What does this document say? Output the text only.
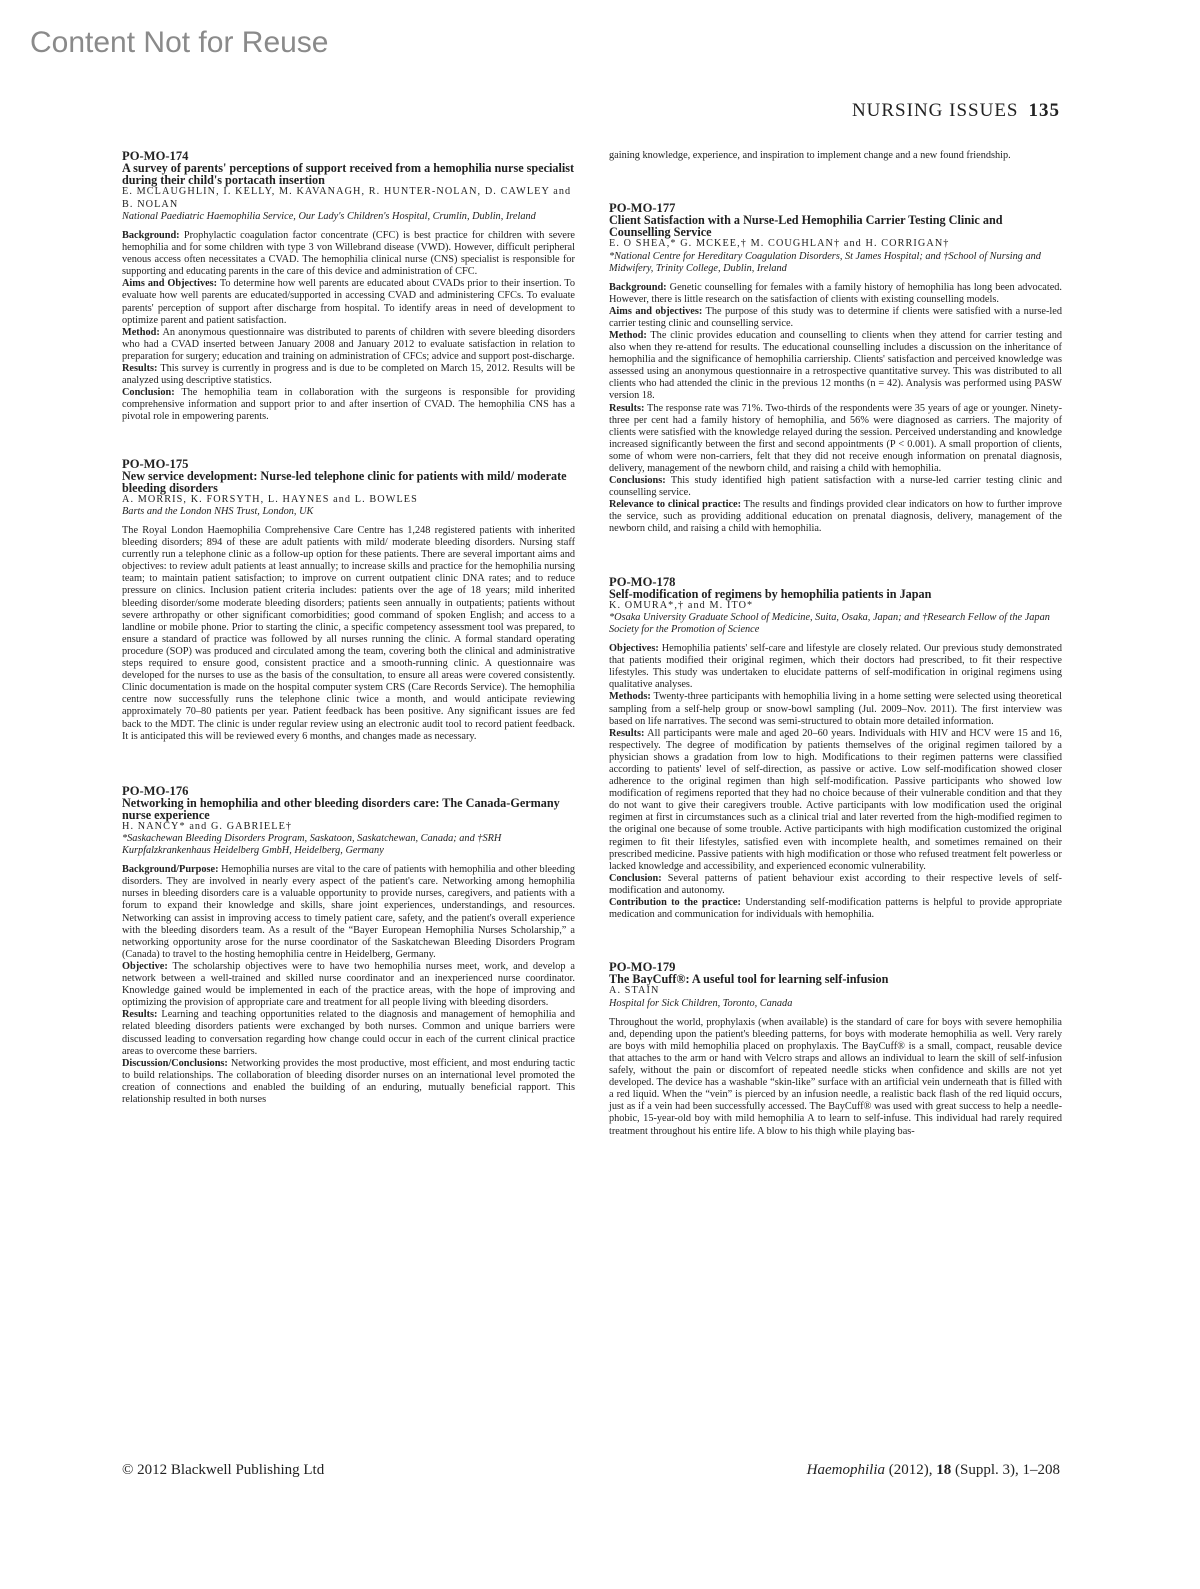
Content Not for Reuse
NURSING ISSUES 135
PO-MO-174
A survey of parents' perceptions of support received from a hemophilia nurse specialist during their child's portacath insertion
E. MCLAUGHLIN, I. KELLY, M. KAVANAGH, R. HUNTER-NOLAN, D. CAWLEY and B. NOLAN
National Paediatric Haemophilia Service, Our Lady's Children's Hospital, Crumlin, Dublin, Ireland
Background: Prophylactic coagulation factor concentrate (CFC) is best practice for children with severe hemophilia and for some children with type 3 von Willebrand disease (VWD). However, difficult peripheral venous access often necessitates a CVAD. The hemophilia clinical nurse (CNS) specialist is responsible for supporting and educating parents in the care of this device and administration of CFC.
Aims and Objectives: To determine how well parents are educated about CVADs prior to their insertion. To evaluate how well parents are educated/supported in accessing CVAD and administering CFCs. To evaluate parents' perception of support after discharge from hospital. To identify areas in need of development to optimize parent and patient satisfaction.
Method: An anonymous questionnaire was distributed to parents of children with severe bleeding disorders who had a CVAD inserted between January 2008 and January 2012 to evaluate satisfaction in relation to preparation for surgery; education and training on administration of CFCs; advice and support post-discharge.
Results: This survey is currently in progress and is due to be completed on March 15, 2012. Results will be analyzed using descriptive statistics.
Conclusion: The hemophilia team in collaboration with the surgeons is responsible for providing comprehensive information and support prior to and after insertion of CVAD. The hemophilia CNS has a pivotal role in empowering parents.
PO-MO-175
New service development: Nurse-led telephone clinic for patients with mild/ moderate bleeding disorders
A. MORRIS, K. FORSYTH, L. HAYNES and L. BOWLES
Barts and the London NHS Trust, London, UK
The Royal London Haemophilia Comprehensive Care Centre has 1,248 registered patients with inherited bleeding disorders; 894 of these are adult patients with mild/ moderate bleeding disorders. Nursing staff currently run a telephone clinic as a follow-up option for these patients. There are several important aims and objectives: to review adult patients at least annually; to increase skills and practice for the hemophilia nursing team; to maintain patient satisfaction; to improve on current outpatient clinic DNA rates; and to reduce pressure on clinics. Inclusion patient criteria includes: patients over the age of 18 years; mild inherited bleeding disorder/some moderate bleeding disorders; patients seen annually in outpatients; patients without severe arthropathy or other significant comorbidities; good command of spoken English; and access to a landline or mobile phone. Prior to starting the clinic, a specific competency assessment tool was prepared, to ensure a standard of practice was followed by all nurses running the clinic. A formal standard operating procedure (SOP) was produced and circulated among the team, covering both the clinical and administrative steps required to ensure good, consistent practice and a smooth-running clinic. A questionnaire was developed for the nurses to use as the basis of the consultation, to ensure all areas were covered consistently. Clinic documentation is made on the hospital computer system CRS (Care Records Service). The hemophilia centre now successfully runs the telephone clinic twice a month, and would anticipate reviewing approximately 70–80 patients per year. Patient feedback has been positive. Any significant issues are fed back to the MDT. The clinic is under regular review using an electronic audit tool to record patient feedback. It is anticipated this will be reviewed every 6 months, and changes made as necessary.
PO-MO-176
Networking in hemophilia and other bleeding disorders care: The Canada-Germany nurse experience
H. NANCY* and G. GABRIELE†
*Saskachewan Bleeding Disorders Program, Saskatoon, Saskatchewan, Canada; and †SRH Kurpfalzkrankenhaus Heidelberg GmbH, Heidelberg, Germany
Background/Purpose: Hemophilia nurses are vital to the care of patients with hemophilia and other bleeding disorders. They are involved in nearly every aspect of the patient's care. Networking among hemophilia nurses in bleeding disorders care is a valuable opportunity to provide nurses, caregivers, and patients with a forum to expand their knowledge and skills, share joint experiences, understandings, and resources. Networking can assist in improving access to timely patient care, safety, and the patient's overall experience with the bleeding disorders team. As a result of the “Bayer European Hemophilia Nurses Scholarship,” a networking opportunity arose for the nurse coordinator of the Saskatchewan Bleeding Disorders Program (Canada) to travel to the hosting hemophilia centre in Heidelberg, Germany.
Objective: The scholarship objectives were to have two hemophilia nurses meet, work, and develop a network between a well-trained and skilled nurse coordinator and an inexperienced nurse coordinator. Knowledge gained would be implemented in each of the practice areas, with the hope of improving and optimizing the provision of appropriate care and treatment for all people living with bleeding disorders.
Results: Learning and teaching opportunities related to the diagnosis and management of hemophilia and related bleeding disorders patients were exchanged by both nurses. Common and unique barriers were discussed leading to conversation regarding how change could occur in each of the current clinical practice areas to overcome these barriers.
Discussion/Conclusions: Networking provides the most productive, most efficient, and most enduring tactic to build relationships. The collaboration of bleeding disorder nurses on an international level promoted the creation of connections and enabled the building of an enduring, mutually beneficial rapport. This relationship resulted in both nurses
gaining knowledge, experience, and inspiration to implement change and a new found friendship.
PO-MO-177
Client Satisfaction with a Nurse-Led Hemophilia Carrier Testing Clinic and Counselling Service
E. O SHEA,* G. MCKEE,† M. COUGHLAN† and H. CORRIGAN†
*National Centre for Hereditary Coagulation Disorders, St James Hospital; and †School of Nursing and Midwifery, Trinity College, Dublin, Ireland
Background: Genetic counselling for females with a family history of hemophilia has long been advocated. However, there is little research on the satisfaction of clients with existing counselling models.
Aims and objectives: The purpose of this study was to determine if clients were satisfied with a nurse-led carrier testing clinic and counselling service.
Method: The clinic provides education and counselling to clients when they attend for carrier testing and also when they re-attend for results. The educational counselling includes a discussion on the inheritance of hemophilia and the significance of hemophilia carriership. Clients' satisfaction and perceived knowledge was assessed using an anonymous questionnaire in a retrospective quantitative survey. This was distributed to all clients who had attended the clinic in the previous 12 months (n = 42). Analysis was performed using PASW version 18.
Results: The response rate was 71%. Two-thirds of the respondents were 35 years of age or younger. Ninety-three per cent had a family history of hemophilia, and 56% were diagnosed as carriers. The majority of clients were satisfied with the knowledge relayed during the session. Perceived understanding and knowledge increased significantly between the first and second appointments (P < 0.001). A small proportion of clients, some of whom were non-carriers, felt that they did not receive enough information on prenatal diagnosis, delivery, management of the newborn child, and raising a child with hemophilia.
Conclusions: This study identified high patient satisfaction with a nurse-led carrier testing clinic and counselling service.
Relevance to clinical practice: The results and findings provided clear indicators on how to further improve the service, such as providing additional education on prenatal diagnosis, delivery, management of the newborn child, and raising a child with hemophilia.
PO-MO-178
Self-modification of regimens by hemophilia patients in Japan
K. OMURA*,† and M. ITO*
*Osaka University Graduate School of Medicine, Suita, Osaka, Japan; and †Research Fellow of the Japan Society for the Promotion of Science
Objectives: Hemophilia patients' self-care and lifestyle are closely related. Our previous study demonstrated that patients modified their original regimen, which their doctors had prescribed, to fit their respective lifestyles. This study was undertaken to elucidate patterns of self-modification in original regimens using qualitative analyses.
Methods: Twenty-three participants with hemophilia living in a home setting were selected using theoretical sampling from a self-help group or snow-bowl sampling (Jul. 2009–Nov. 2011). The first interview was based on life narratives. The second was semi-structured to obtain more detailed information.
Results: All participants were male and aged 20–60 years. Individuals with HIV and HCV were 15 and 16, respectively. The degree of modification by patients themselves of the original regimen tailored by a physician shows a gradation from low to high. Modifications to their regimen patterns were classified according to patients' level of self-direction, as passive or active. Low self-modification showed closer adherence to the original regimen than high self-modification. Passive participants who showed low modification of regimens reported that they had no choice because of their vulnerable condition and that they do not want to give their caregivers trouble. Active participants with low modification used the original regimen at first in circumstances such as a clinical trial and later reverted from the high-modified regimen to the original one because of some trouble. Active participants with high modification customized the original regimen to fit their lifestyles, satisfied even with incomplete health, and sometimes remained on their prescribed medicine. Passive patients with high modification or those who refused treatment felt powerless or lacked knowledge and accessibility, and experienced economic vulnerability.
Conclusion: Several patterns of patient behaviour exist according to their respective levels of self-modification and autonomy.
Contribution to the practice: Understanding self-modification patterns is helpful to provide appropriate medication and communication for individuals with hemophilia.
PO-MO-179
The BayCuff®: A useful tool for learning self-infusion
A. STAIN
Hospital for Sick Children, Toronto, Canada
Throughout the world, prophylaxis (when available) is the standard of care for boys with severe hemophilia and, depending upon the patient's bleeding patterns, for boys with moderate hemophilia as well. Very rarely are boys with mild hemophilia placed on prophylaxis. The BayCuff® is a small, compact, reusable device that attaches to the arm or hand with Velcro straps and allows an individual to learn the skill of self-infusion safely, without the pain or discomfort of repeated needle sticks when confidence and skills are not yet developed. The device has a washable “skin-like” surface with an artificial vein underneath that is filled with a red liquid. When the “vein” is pierced by an infusion needle, a realistic back flash of the red liquid occurs, just as if a vein had been successfully accessed. The BayCuff® was used with great success to help a needle-phobic, 15-year-old boy with mild hemophilia A to learn to self-infuse. This individual had rarely required treatment throughout his entire life. A blow to his thigh while playing bas-
© 2012 Blackwell Publishing Ltd	Haemophilia (2012), 18 (Suppl. 3), 1–208
